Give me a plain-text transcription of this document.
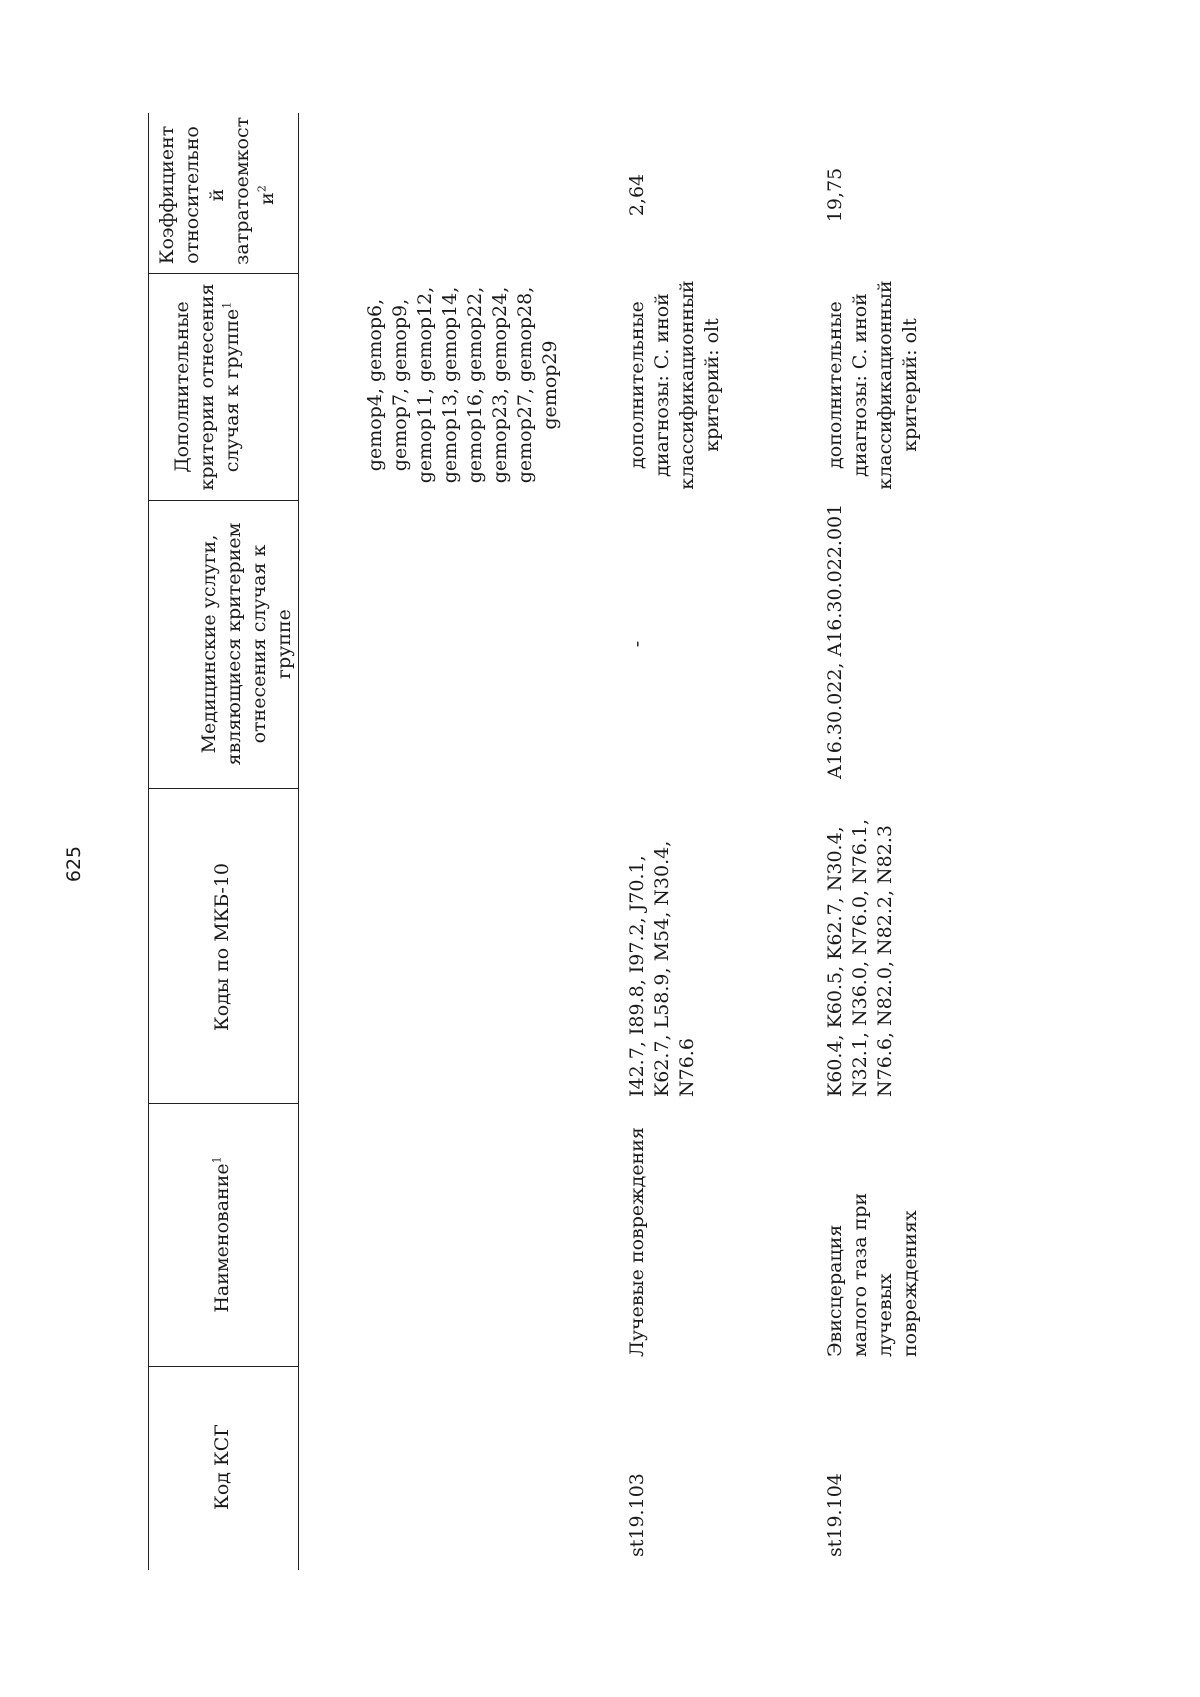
625
Код КСГ
Наименование$^1$
Коды по МКБ-10
Медицинские услуги, являющиеся критерием отнесения случая к группе
Дополнительные критерии отнесения случая к группе$^1$
Коэффициент относительно й затратоемкост $и^2$
gemop4, gemop6, gemop7, gemop9, gemop11, gemop12, gemop13, gemop14, gemop16, gemop22, gemop23, gemop24, gemop27, gemop28, gemop29
st19.103
Лучевые повреждения
I42.7, I89.8, I97.2, J70.1, K62.7, L58.9, M54, N30.4, N76.6
-
дополнительные диагнозы: С. иной классификационный критерий: olt
2,64
st19.104
Эвисцерация малого таза при лучевых повреждениях
K60.4, K60.5, K62.7, N30.4, N32.1, N36.0, N76.0, N76.1, N76.6, N82.0, N82.2, N82.3
A16.30.022, A16.30.022.001
дополнительные диагнозы: С. иной классификационный критерий: olt
19,75
